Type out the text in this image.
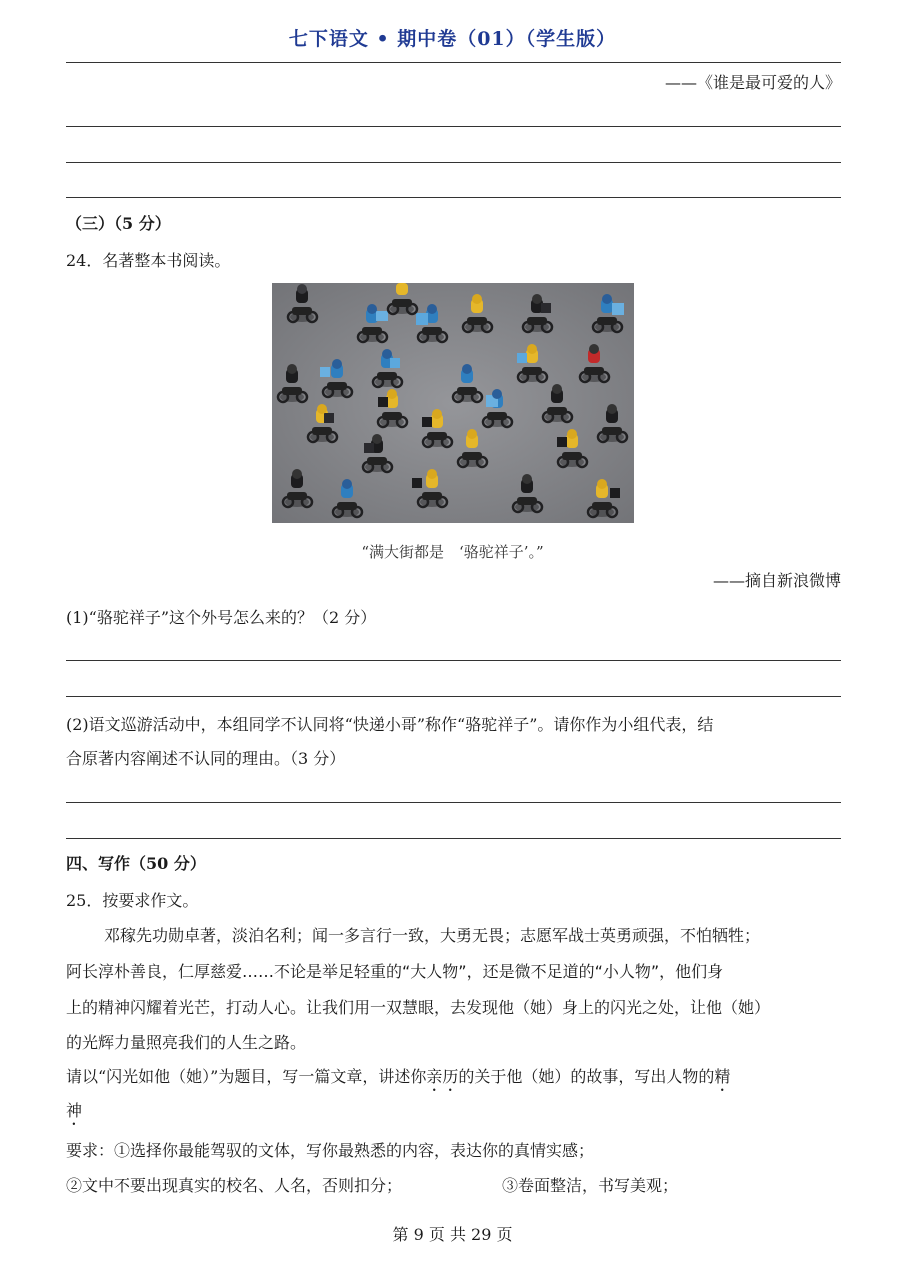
七下语文 • 期中卷（01）（学生版）
——《谁是最可爱的人》
（三）（5 分）
24．名著整本书阅读。
“满大街都是　‘骆驼祥子’。”
——摘自新浪微博
(1)“骆驼祥子”这个外号怎么来的？（2 分）
(2)语文巡游活动中，本组同学不认同将“快递小哥”称作“骆驼祥子”。请你作为小组代表，结
合原著内容阐述不认同的理由。（3 分）
四、写作（50 分）
25．按要求作文。
邓稼先功勋卓著，淡泊名利；闻一多言行一致，大勇无畏；志愿军战士英勇顽强，不怕牺牲；
阿长淳朴善良，仁厚慈爱……不论是举足轻重的“大人物”，还是微不足道的“小人物”，他们身
上的精神闪耀着光芒，打动人心。让我们用一双慧眼，去发现他（她）身上的闪光之处，让他（她）
的光辉力量照亮我们的人生之路。
请以“闪光如他（她）”为题目，写一篇文章，讲述你亲历的关于他（她）的故事，写出人物的精
神
要求：①选择你最能驾驭的文体，写你最熟悉的内容，表达你的真情实感；
②文中不要出现真实的校名、人名，否则扣分；	③卷面整洁，书写美观；
第 9 页 共 29 页
